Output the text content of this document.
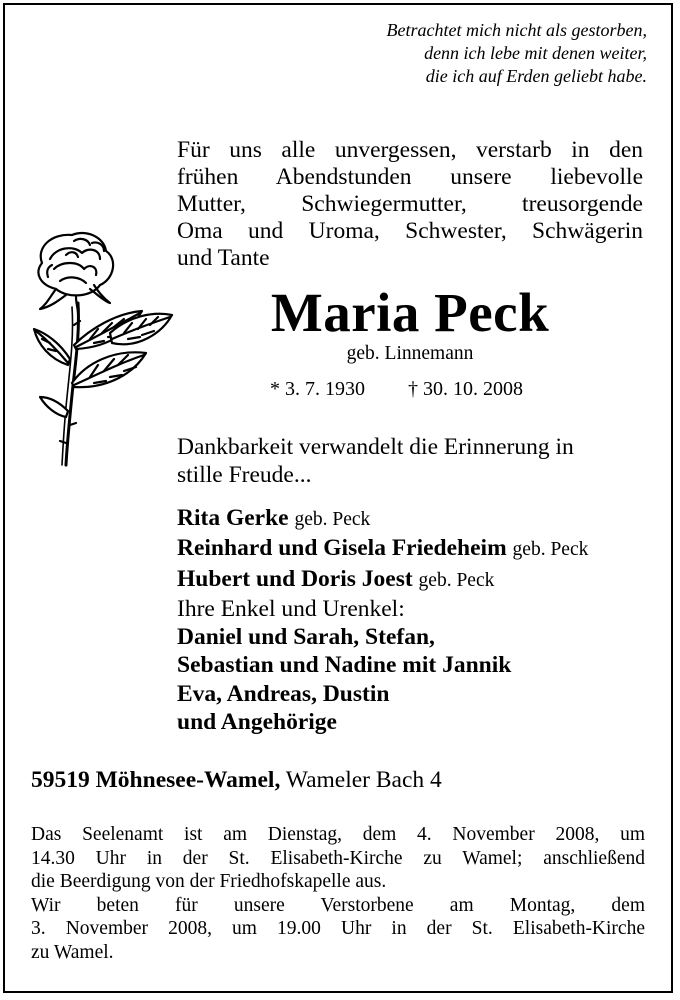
Betrachtet mich nicht als gestorben,
denn ich lebe mit denen weiter,
die ich auf Erden geliebt habe.
Für uns alle unvergessen, verstarb in den
frühen Abendstunden unsere liebevolle
Mutter, Schwiegermutter, treusorgende
Oma und Uroma, Schwester, Schwägerin
und Tante
Maria Peck
geb. Linnemann
* 3. 7. 1930 † 30. 10. 2008
Dankbarkeit verwandelt die Erinnerung in
stille Freude...
Rita Gerke geb. Peck
Reinhard und Gisela Friedeheim geb. Peck
Hubert und Doris Joest geb. Peck
Ihre Enkel und Urenkel:
Daniel und Sarah, Stefan,
Sebastian und Nadine mit Jannik
Eva, Andreas, Dustin
und Angehörige
59519 Möhnesee-Wamel, Wameler Bach 4
Das Seelenamt ist am Dienstag, dem 4. November 2008, um
14.30 Uhr in der St. Elisabeth-Kirche zu Wamel; anschließend
die Beerdigung von der Friedhofskapelle aus.
Wir beten für unsere Verstorbene am Montag, dem
3. November 2008, um 19.00 Uhr in der St. Elisabeth-Kirche
zu Wamel.
